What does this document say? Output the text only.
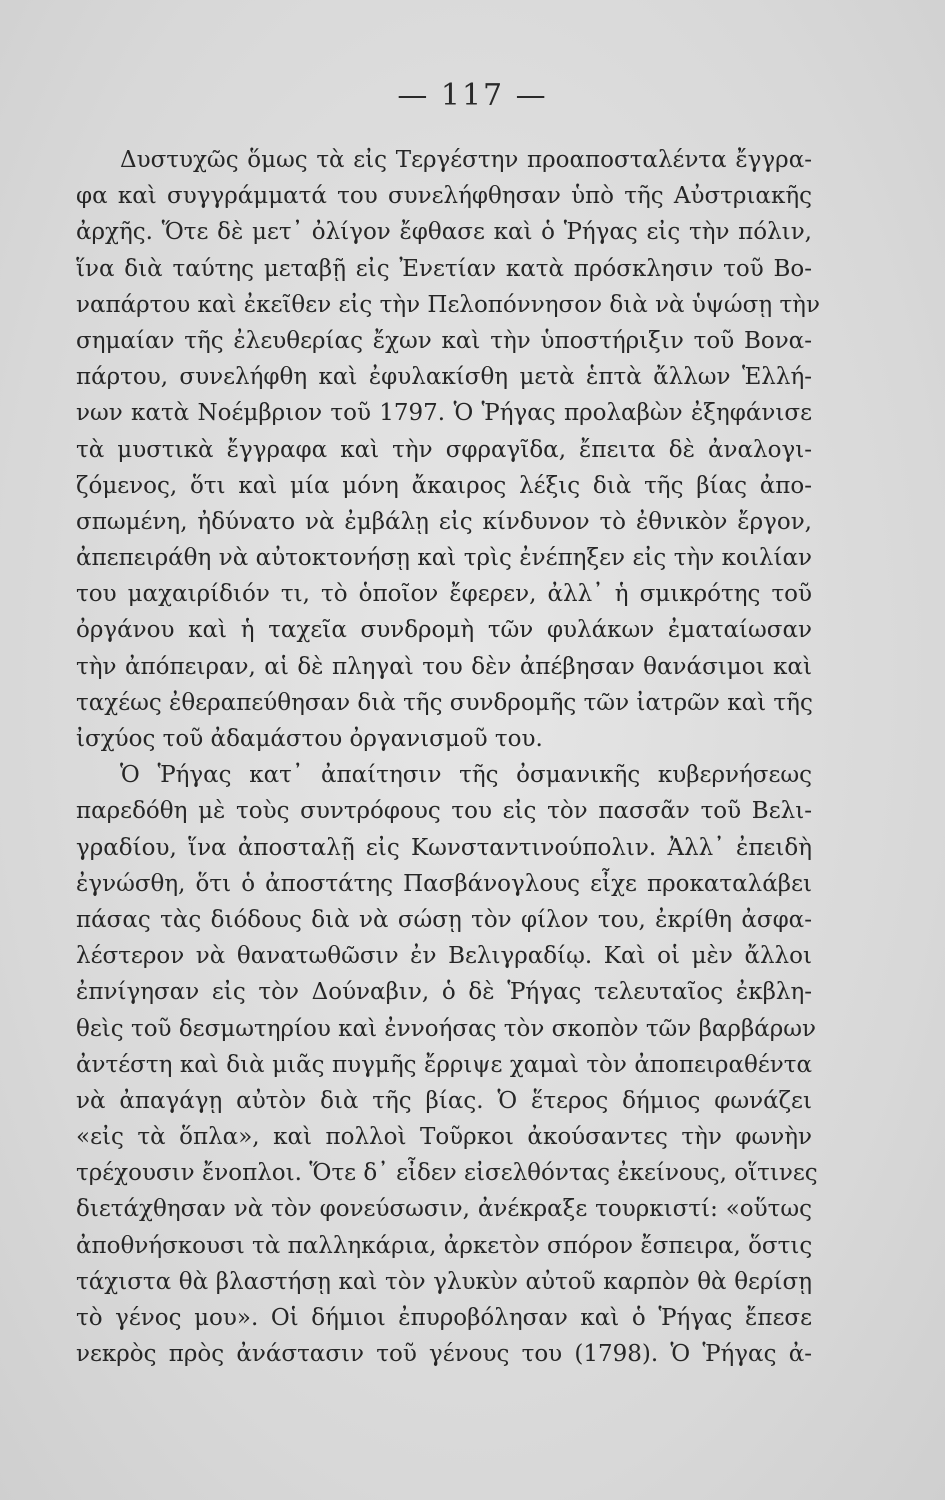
— 117 —
Δυστυχῶς ὅμως τὰ εἰς Τεργέστην προαποσταλέντα ἔγγρα-
φα καὶ συγγράμματά του συνελήφθησαν ὑπὸ τῆς Αὐστριακῆς
ἀρχῆς. Ὅτε δὲ μετ᾽ ὀλίγον ἔφθασε καὶ ὁ Ῥήγας εἰς τὴν πόλιν,
ἵνα διὰ ταύτης μεταβῇ εἰς Ἐνετίαν κατὰ πρόσκλησιν τοῦ Βο-
ναπάρτου καὶ ἐκεῖθεν εἰς τὴν Πελοπόννησον διὰ νὰ ὑψώσῃ τὴν
σημαίαν τῆς ἐλευθερίας ἔχων καὶ τὴν ὑποστήριξιν τοῦ Βονα-
πάρτου, συνελήφθη καὶ ἐφυλακίσθη μετὰ ἑπτὰ ἄλλων Ἑλλή-
νων κατὰ Νοέμβριον τοῦ 1797. Ὁ Ῥήγας προλαβὼν ἐξηφάνισε
τὰ μυστικὰ ἔγγραφα καὶ τὴν σφραγῖδα, ἔπειτα δὲ ἀναλογι-
ζόμενος, ὅτι καὶ μία μόνη ἄκαιρος λέξις διὰ τῆς βίας ἀπο-
σπωμένη, ἠδύνατο νὰ ἐμβάλῃ εἰς κίνδυνον τὸ ἐθνικὸν ἔργον,
ἀπεπειράθη νὰ αὐτοκτονήσῃ καὶ τρὶς ἐνέπηξεν εἰς τὴν κοιλίαν
του μαχαιρίδιόν τι, τὸ ὁποῖον ἔφερεν, ἀλλ᾽ ἡ σμικρότης τοῦ
ὀργάνου καὶ ἡ ταχεῖα συνδρομὴ τῶν φυλάκων ἐματαίωσαν
τὴν ἀπόπειραν, αἱ δὲ πληγαὶ του δὲν ἀπέβησαν θανάσιμοι καὶ
ταχέως ἐθεραπεύθησαν διὰ τῆς συνδρομῆς τῶν ἰατρῶν καὶ τῆς
ἰσχύος τοῦ ἀδαμάστου ὀργανισμοῦ του.
Ὁ Ῥήγας κατ᾽ ἀπαίτησιν τῆς ὀσμανικῆς κυβερνήσεως
παρεδόθη μὲ τοὺς συντρόφους του εἰς τὸν πασσᾶν τοῦ Βελι-
γραδίου, ἵνα ἀποσταλῇ εἰς Κωνσταντινούπολιν. Ἀλλ᾽ ἐπειδὴ
ἐγνώσθη, ὅτι ὁ ἀποστάτης Πασβάνογλους εἶχε προκαταλάβει
πάσας τὰς διόδους διὰ νὰ σώσῃ τὸν φίλον του, ἐκρίθη ἀσφα-
λέστερον νὰ θανατωθῶσιν ἐν Βελιγραδίῳ. Καὶ οἱ μὲν ἄλλοι
ἐπνίγησαν εἰς τὸν Δούναβιν, ὁ δὲ Ῥήγας τελευταῖος ἐκβλη-
θεὶς τοῦ δεσμωτηρίου καὶ ἐννοήσας τὸν σκοπὸν τῶν βαρβάρων
ἀντέστη καὶ διὰ μιᾶς πυγμῆς ἔρριψε χαμαὶ τὸν ἀποπειραθέντα
νὰ ἀπαγάγῃ αὐτὸν διὰ τῆς βίας. Ὁ ἕτερος δήμιος φωνάζει
«εἰς τὰ ὅπλα», καὶ πολλοὶ Τοῦρκοι ἀκούσαντες τὴν φωνὴν
τρέχουσιν ἔνοπλοι. Ὅτε δ᾽ εἶδεν εἰσελθόντας ἐκείνους, οἵτινες
διετάχθησαν νὰ τὸν φονεύσωσιν, ἀνέκραξε τουρκιστί: «οὕτως
ἀποθνήσκουσι τὰ παλληκάρια, ἀρκετὸν σπόρον ἔσπειρα, ὅστις
τάχιστα θὰ βλαστήσῃ καὶ τὸν γλυκὺν αὐτοῦ καρπὸν θὰ θερίσῃ
τὸ γένος μου». Οἱ δήμιοι ἐπυροβόλησαν καὶ ὁ Ῥήγας ἔπεσε
νεκρὸς πρὸς ἀνάστασιν τοῦ γένους του (1798). Ὁ Ῥήγας ἀ-
